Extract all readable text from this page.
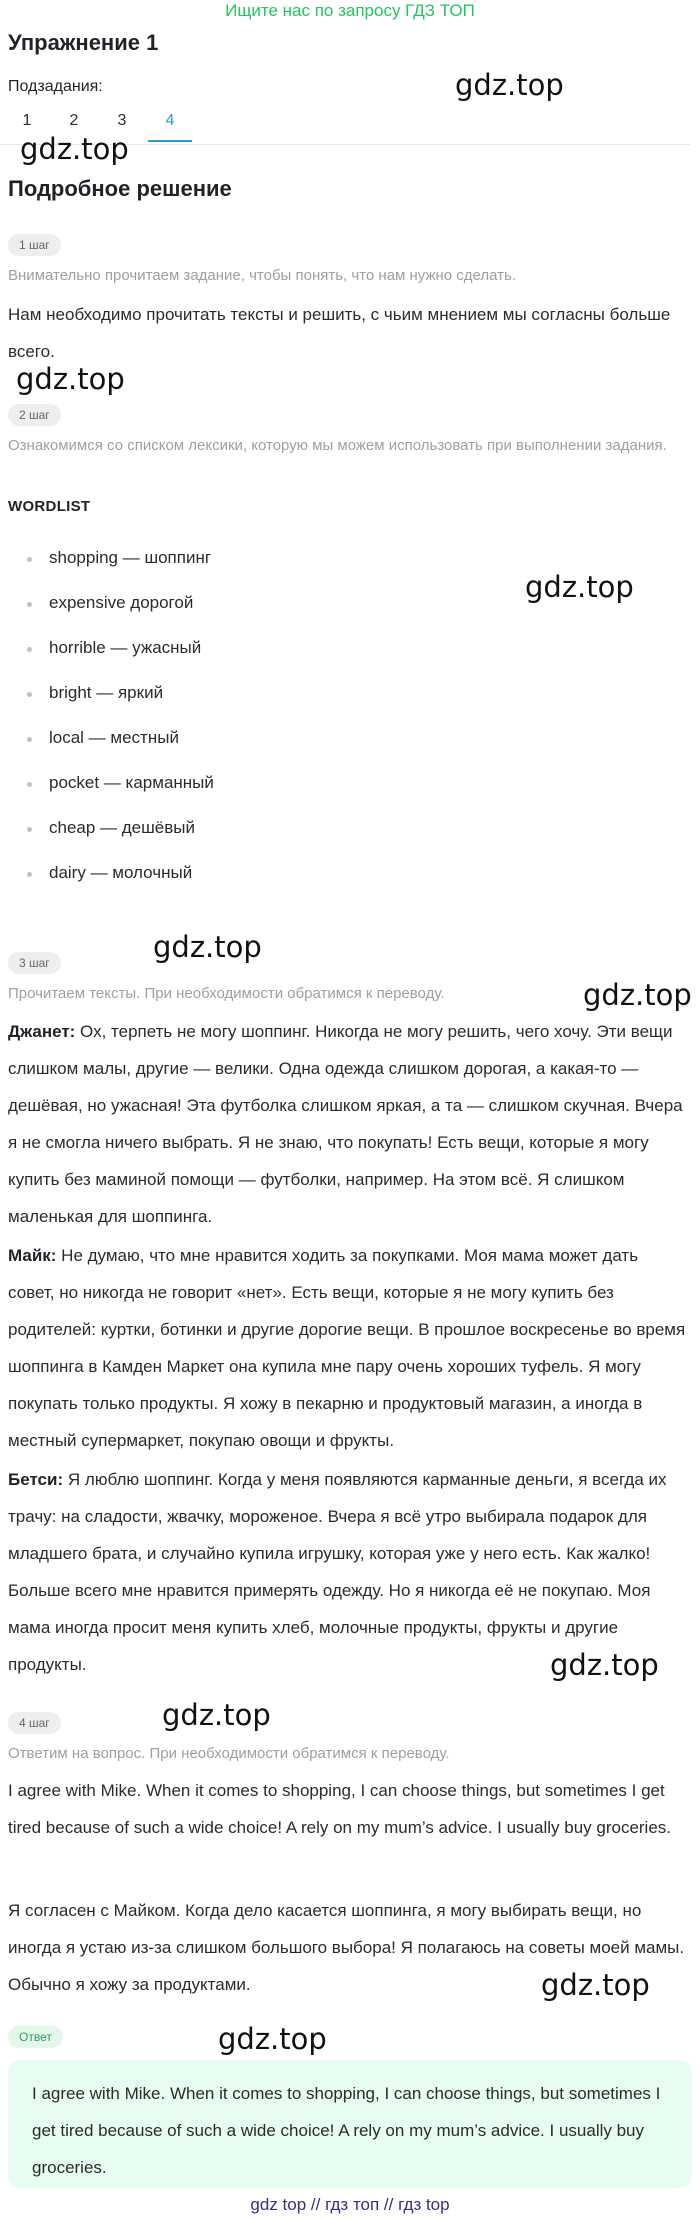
Ищите нас по запросу ГДЗ ТОП
Упражнение 1
Подзадания:
1	2	3	4
gdz.top
gdz.top
gdz.top
gdz.top
gdz.top
gdz.top
gdz.top
gdz.top
gdz.top
gdz.top
Подробное решение
1 шаг
Внимательно прочитаем задание, чтобы понять, что нам нужно сделать.
Нам необходимо прочитать тексты и решить, с чьим мнением мы согласны больше всего.
2 шаг
Ознакомимся со списком лексики, которую мы можем использовать при выполнении задания.
WORDLIST
shopping — шоппинг
expensive дорогой
horrible — ужасный
bright — яркий
local — местный
pocket — карманный
cheap — дешёвый
dairy — молочный
3 шаг
Прочитаем тексты. При необходимости обратимся к переводу.
Джанет: Ох, терпеть не могу шоппинг. Никогда не могу решить, чего хочу. Эти вещи слишком малы, другие — велики. Одна одежда слишком дорогая, а какая-то — дешёвая, но ужасная! Эта футболка слишком яркая, а та — слишком скучная. Вчера я не смогла ничего выбрать. Я не знаю, что покупать! Есть вещи, которые я могу купить без маминой помощи — футболки, например. На этом всё. Я слишком маленькая для шоппинга.
Майк: Не думаю, что мне нравится ходить за покупками. Моя мама может дать совет, но никогда не говорит «нет». Есть вещи, которые я не могу купить без родителей: куртки, ботинки и другие дорогие вещи. В прошлое воскресенье во время шоппинга в Камден Маркет она купила мне пару очень хороших туфель. Я могу покупать только продукты. Я хожу в пекарню и продуктовый магазин, а иногда в местный супермаркет, покупаю овощи и фрукты.
Бетси: Я люблю шоппинг. Когда у меня появляются карманные деньги, я всегда их трачу: на сладости, жвачку, мороженое. Вчера я всё утро выбирала подарок для младшего брата, и случайно купила игрушку, которая уже у него есть. Как жалко! Больше всего мне нравится примерять одежду. Но я никогда её не покупаю. Моя мама иногда просит меня купить хлеб, молочные продукты, фрукты и другие продукты.
4 шаг
Ответим на вопрос. При необходимости обратимся к переводу.
I agree with Mike. When it comes to shopping, I can choose things, but sometimes I get tired because of such a wide choice! A rely on my mum’s advice. I usually buy groceries.
Я согласен с Майком. Когда дело касается шоппинга, я могу выбирать вещи, но иногда я устаю из-за слишком большого выбора! Я полагаюсь на советы моей мамы. Обычно я хожу за продуктами.
Ответ
I agree with Mike. When it comes to shopping, I can choose things, but sometimes I get tired because of such a wide choice! A rely on my mum’s advice. I usually buy groceries.
gdz top // гдз топ // гдз top
